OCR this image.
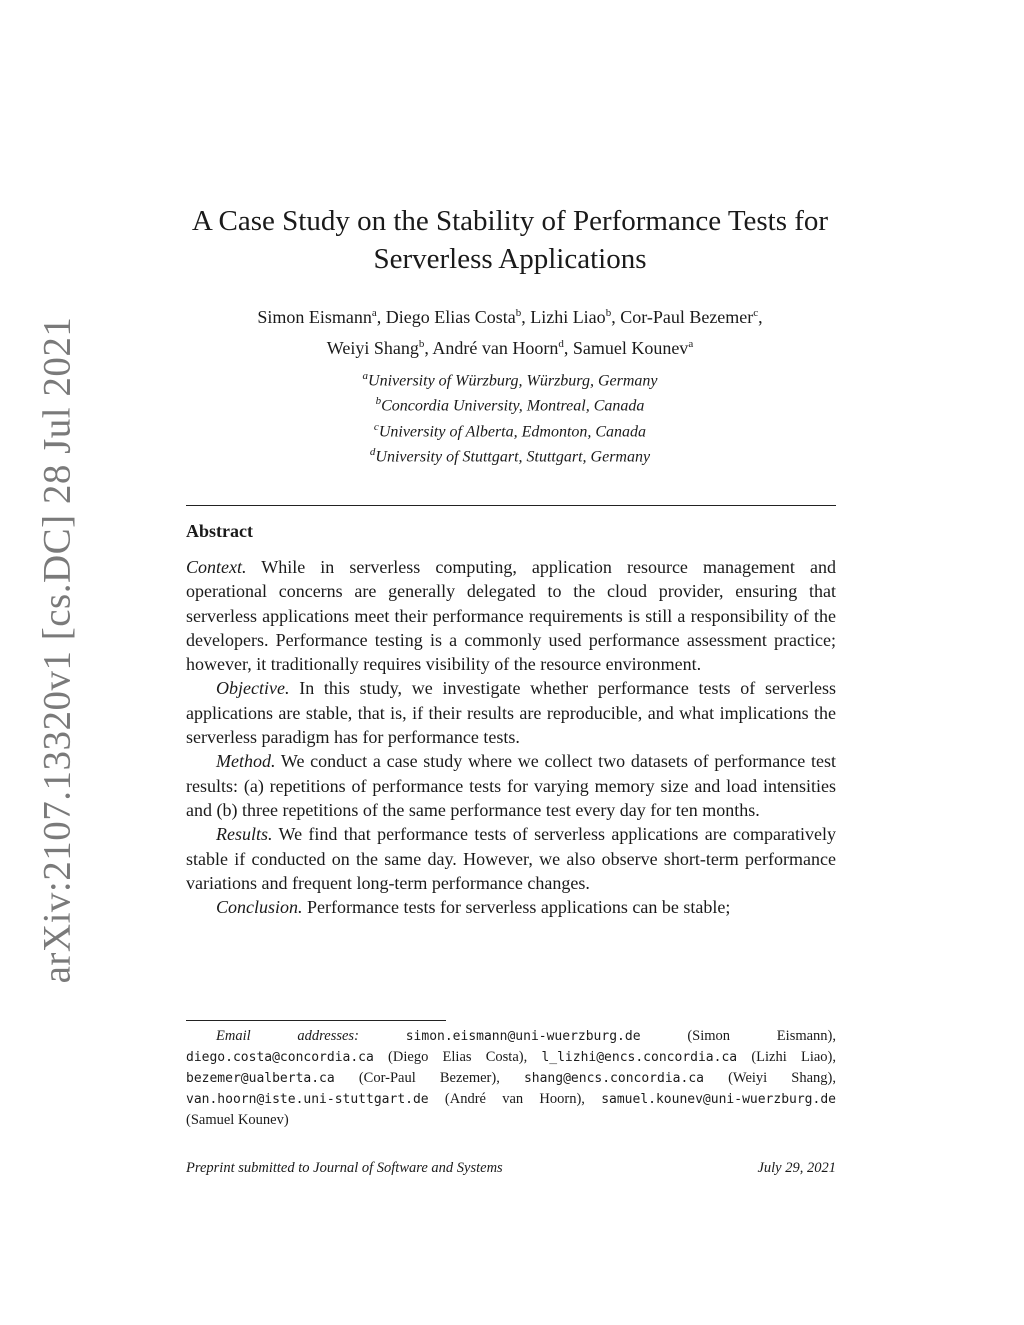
arXiv:2107.13320v1 [cs.DC] 28 Jul 2021
A Case Study on the Stability of Performance Tests for
Serverless Applications
Simon Eismann$^a$, Diego Elias Costa$^b$, Lizhi Liao$^b$, Cor-Paul Bezemer$^c$,
Weiyi Shang$^b$, André van Hoorn$^d$, Samuel Kounev$^a$
$^a$University of Würzburg, Würzburg, Germany
$^b$Concordia University, Montreal, Canada
$^c$University of Alberta, Edmonton, Canada
$^d$University of Stuttgart, Stuttgart, Germany
Abstract

Context. While in serverless computing, application resource management and operational concerns are generally delegated to the cloud provider, ensuring that serverless applications meet their performance requirements is still a responsibility of the developers. Performance testing is a commonly used performance assessment practice; however, it traditionally requires visibility of the resource environment.

Objective. In this study, we investigate whether performance tests of serverless applications are stable, that is, if their results are reproducible, and what implications the serverless paradigm has for performance tests.

Method. We conduct a case study where we collect two datasets of performance test results: (a) repetitions of performance tests for varying memory size and load intensities and (b) three repetitions of the same performance test every day for ten months.

Results. We find that performance tests of serverless applications are comparatively stable if conducted on the same day. However, we also observe short-term performance variations and frequent long-term performance changes.

Conclusion. Performance tests for serverless applications can be stable;

Email addresses:	simon.eismann@uni-wuerzburg.de (Simon Eismann), diego.costa@concordia.ca (Diego Elias Costa), l_lizhi@encs.concordia.ca (Lizhi Liao), bezemer@ualberta.ca (Cor-Paul Bezemer), shang@encs.concordia.ca (Weiyi Shang), van.hoorn@iste.uni-stuttgart.de (André van Hoorn), samuel.kounev@uni-wuerzburg.de (Samuel Kounev)
Preprint submitted to Journal of Software and Systems	July 29, 2021
